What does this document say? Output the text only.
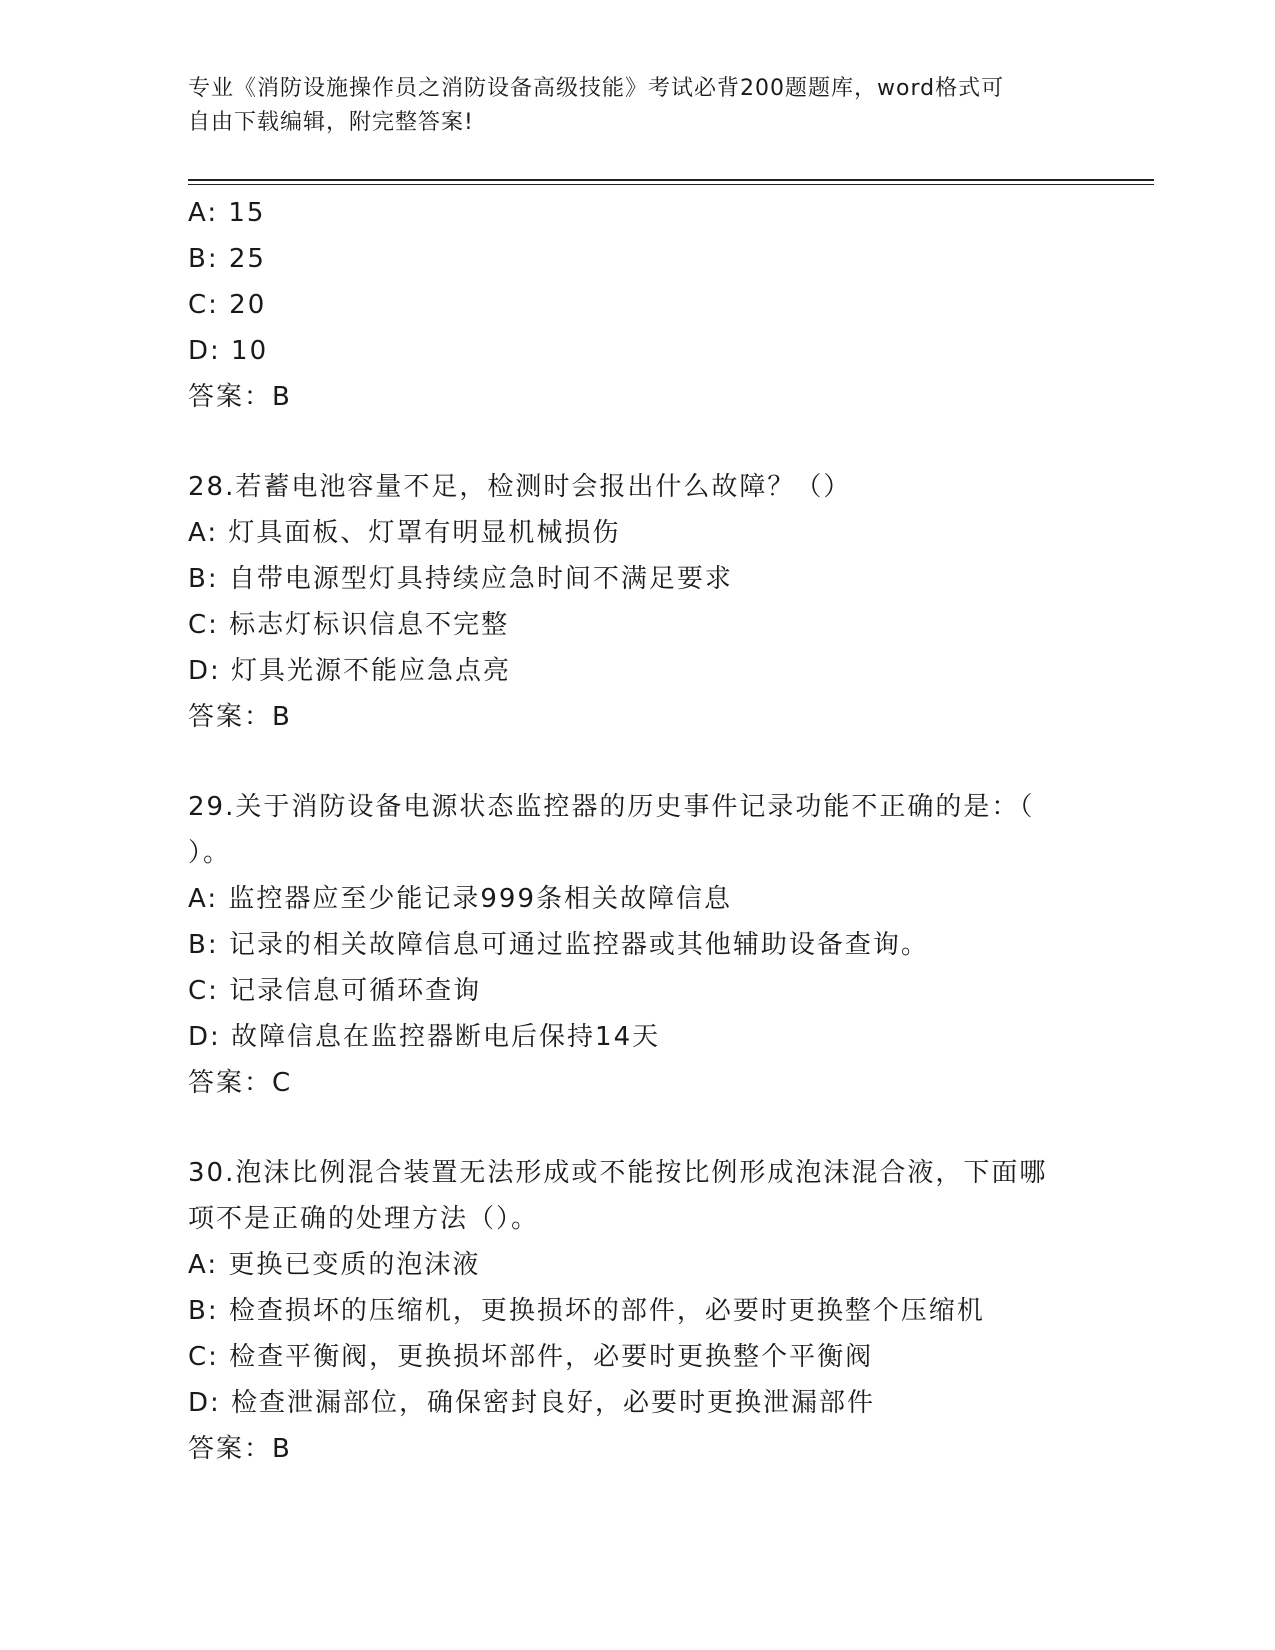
专业《消防设施操作员之消防设备高级技能》考试必背200题题库，word格式可
自由下载编辑，附完整答案!
A: 15
B: 25
C: 20
D: 10
答案：B
28.若蓄电池容量不足，检测时会报出什么故障？（）
A: 灯具面板、灯罩有明显机械损伤
B: 自带电源型灯具持续应急时间不满足要求
C: 标志灯标识信息不完整
D: 灯具光源不能应急点亮
答案：B
29.关于消防设备电源状态监控器的历史事件记录功能不正确的是：（
）。
A: 监控器应至少能记录999条相关故障信息
B: 记录的相关故障信息可通过监控器或其他辅助设备查询。
C: 记录信息可循环查询
D: 故障信息在监控器断电后保持14天
答案：C
30.泡沫比例混合装置无法形成或不能按比例形成泡沫混合液，下面哪
项不是正确的处理方法（）。
A: 更换已变质的泡沫液
B: 检查损坏的压缩机，更换损坏的部件，必要时更换整个压缩机
C: 检查平衡阀，更换损坏部件，必要时更换整个平衡阀
D: 检查泄漏部位，确保密封良好，必要时更换泄漏部件
答案：B
